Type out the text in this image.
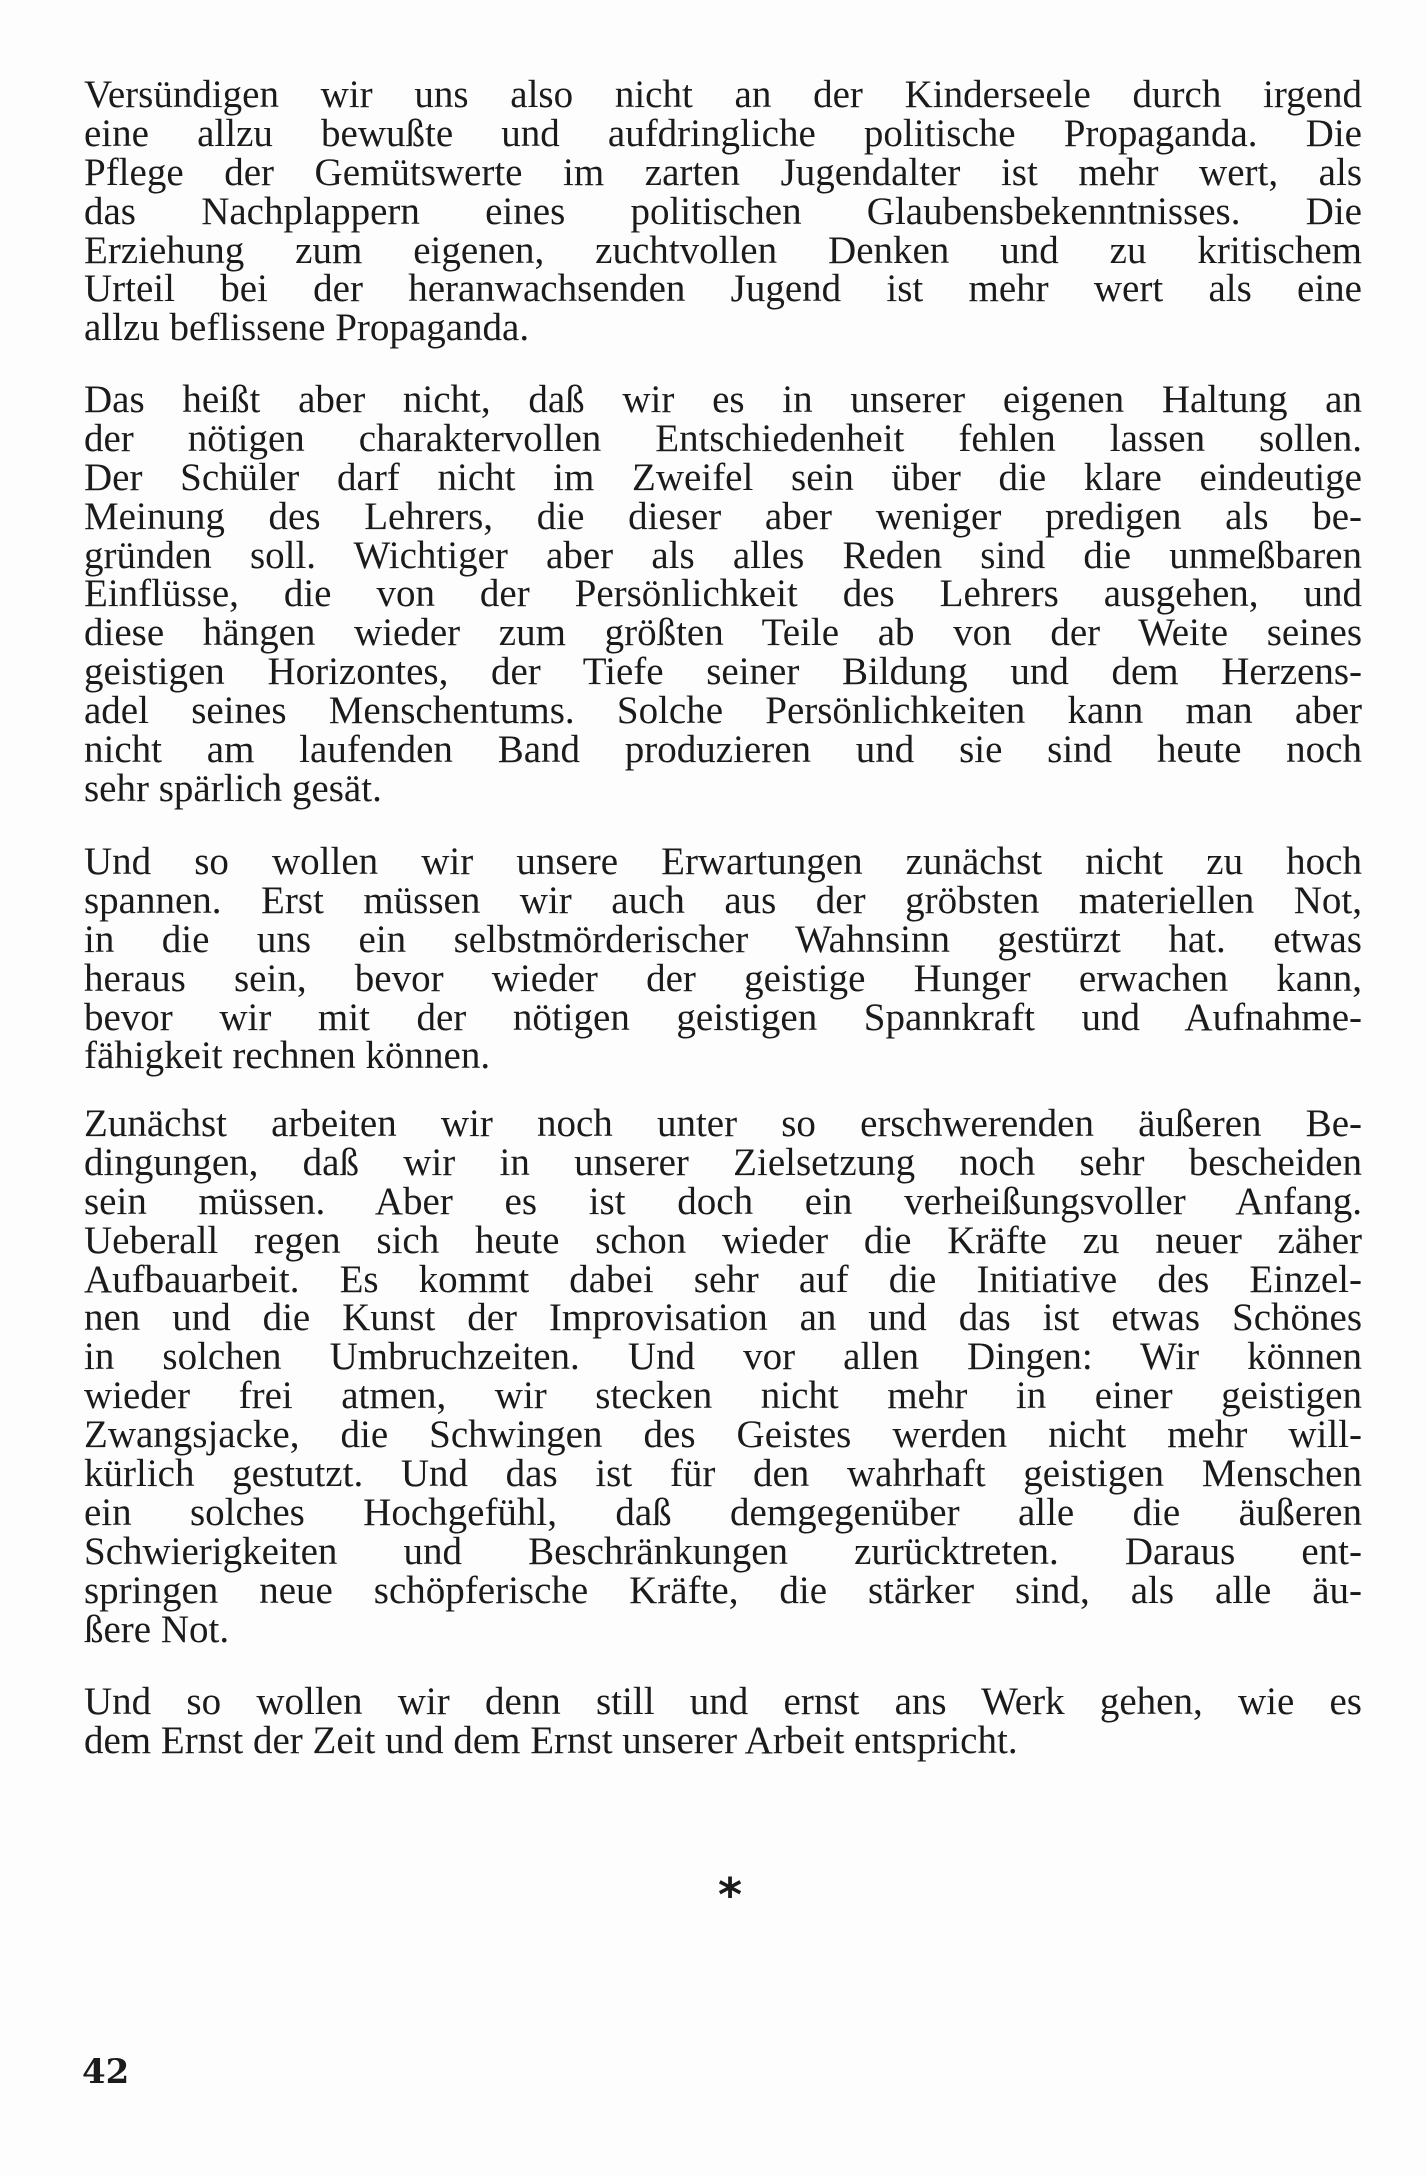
Versündigen wir uns also nicht an der Kinderseele durch irgend
eine allzu bewußte und aufdringliche politische Propaganda. Die
Pflege der Gemütswerte im zarten Jugendalter ist mehr wert, als
das Nachplappern eines politischen Glaubensbekenntnisses. Die
Erziehung zum eigenen, zuchtvollen Denken und zu kritischem
Urteil bei der heranwachsenden Jugend ist mehr wert als eine
allzu beflissene Propaganda.
Das heißt aber nicht, daß wir es in unserer eigenen Haltung an
der nötigen charaktervollen Entschiedenheit fehlen lassen sollen.
Der Schüler darf nicht im Zweifel sein über die klare eindeutige
Meinung des Lehrers, die dieser aber weniger predigen als be-
gründen soll. Wichtiger aber als alles Reden sind die unmeßbaren
Einflüsse, die von der Persönlichkeit des Lehrers ausgehen, und
diese hängen wieder zum größten Teile ab von der Weite seines
geistigen Horizontes, der Tiefe seiner Bildung und dem Herzens-
adel seines Menschentums. Solche Persönlichkeiten kann man aber
nicht am laufenden Band produzieren und sie sind heute noch
sehr spärlich gesät.
Und so wollen wir unsere Erwartungen zunächst nicht zu hoch
spannen. Erst müssen wir auch aus der gröbsten materiellen Not,
in die uns ein selbstmörderischer Wahnsinn gestürzt hat. etwas
heraus sein, bevor wieder der geistige Hunger erwachen kann,
bevor wir mit der nötigen geistigen Spannkraft und Aufnahme-
fähigkeit rechnen können.
Zunächst arbeiten wir noch unter so erschwerenden äußeren Be-
dingungen, daß wir in unserer Zielsetzung noch sehr bescheiden
sein müssen. Aber es ist doch ein verheißungsvoller Anfang.
Ueberall regen sich heute schon wieder die Kräfte zu neuer zäher
Aufbauarbeit. Es kommt dabei sehr auf die Initiative des Einzel-
nen und die Kunst der Improvisation an und das ist etwas Schönes
in solchen Umbruchzeiten. Und vor allen Dingen: Wir können
wieder frei atmen, wir stecken nicht mehr in einer geistigen
Zwangsjacke, die Schwingen des Geistes werden nicht mehr will-
kürlich gestutzt. Und das ist für den wahrhaft geistigen Menschen
ein solches Hochgefühl, daß demgegenüber alle die äußeren
Schwierigkeiten und Beschränkungen zurücktreten. Daraus ent-
springen neue schöpferische Kräfte, die stärker sind, als alle äu-
ßere Not.
Und so wollen wir denn still und ernst ans Werk gehen, wie es
dem Ernst der Zeit und dem Ernst unserer Arbeit entspricht.
*
42
